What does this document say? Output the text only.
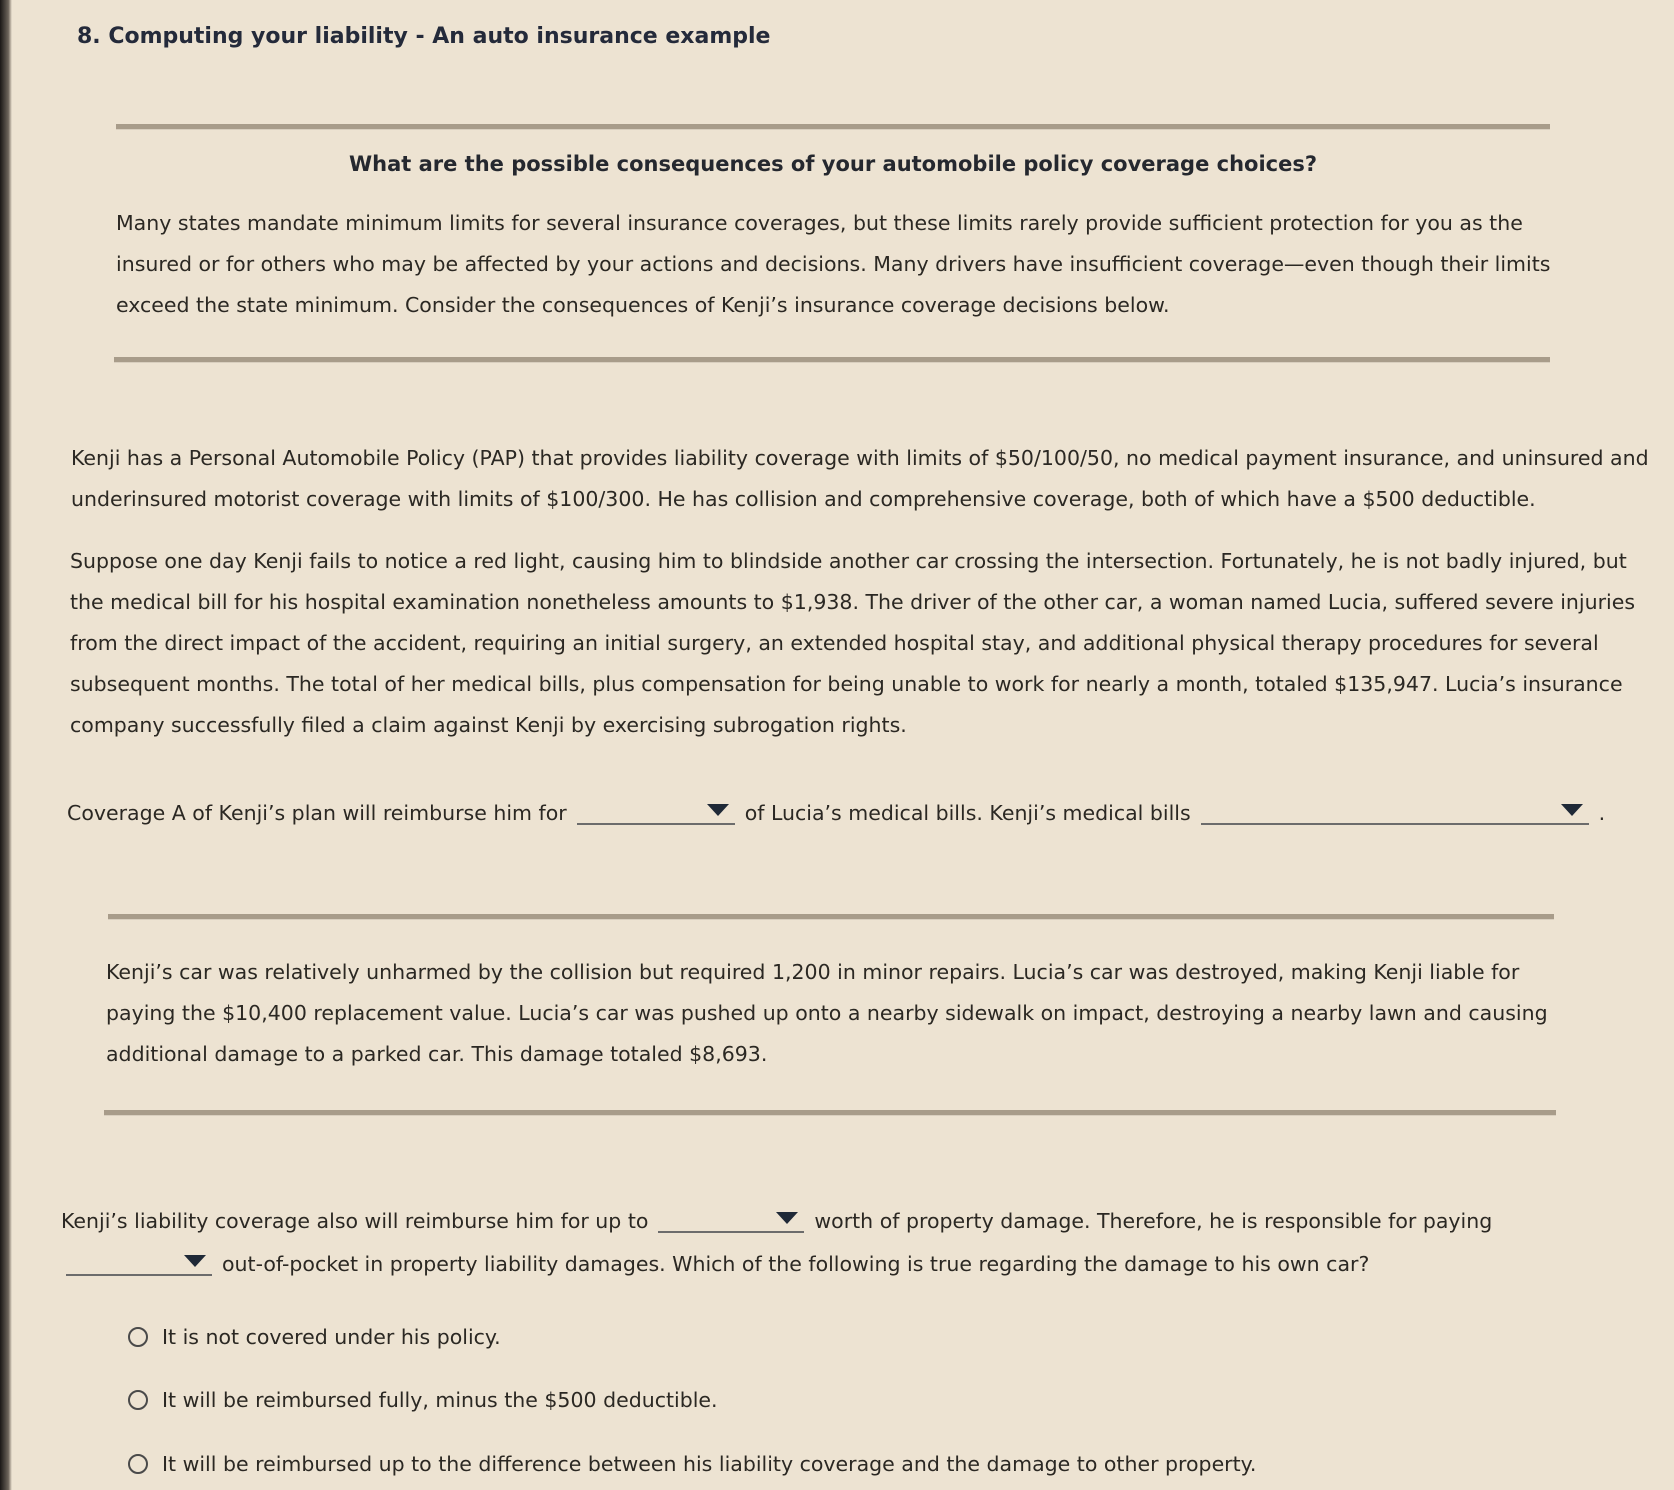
8. Computing your liability - An auto insurance example
What are the possible consequences of your automobile policy coverage choices?

Many states mandate minimum limits for several insurance coverages, but these limits rarely provide sufficient protection for you as the insured or for others who may be affected by your actions and decisions. Many drivers have insufficient coverage—even though their limits exceed the state minimum. Consider the consequences of Kenji’s insurance coverage decisions below.

Kenji has a Personal Automobile Policy (PAP) that provides liability coverage with limits of $50/100/50, no medical payment insurance, and uninsured and underinsured motorist coverage with limits of $100/300. He has collision and comprehensive coverage, both of which have a $500 deductible.

Suppose one day Kenji fails to notice a red light, causing him to blindside another car crossing the intersection. Fortunately, he is not badly injured, but the medical bill for his hospital examination nonetheless amounts to $1,938. The driver of the other car, a woman named Lucia, suffered severe injuries from the direct impact of the accident, requiring an initial surgery, an extended hospital stay, and additional physical therapy procedures for several subsequent months. The total of her medical bills, plus compensation for being unable to work for nearly a month, totaled $135,947. Lucia’s insurance company successfully filed a claim against Kenji by exercising subrogation rights.

Coverage A of Kenji’s plan will reimburse him for	of Lucia’s medical bills. Kenji’s medical bills	.

Kenji’s car was relatively unharmed by the collision but required 1,200 in minor repairs. Lucia’s car was destroyed, making Kenji liable for paying the $10,400 replacement value. Lucia’s car was pushed up onto a nearby sidewalk on impact, destroying a nearby lawn and causing additional damage to a parked car. This damage totaled $8,693.

Kenji’s liability coverage also will reimburse him for up to	worth of property damage. Therefore, he is responsible for paying
out-of-pocket in property liability damages. Which of the following is true regarding the damage to his own car?
It is not covered under his policy.
It will be reimbursed fully, minus the $500 deductible.
It will be reimbursed up to the difference between his liability coverage and the damage to other property.
